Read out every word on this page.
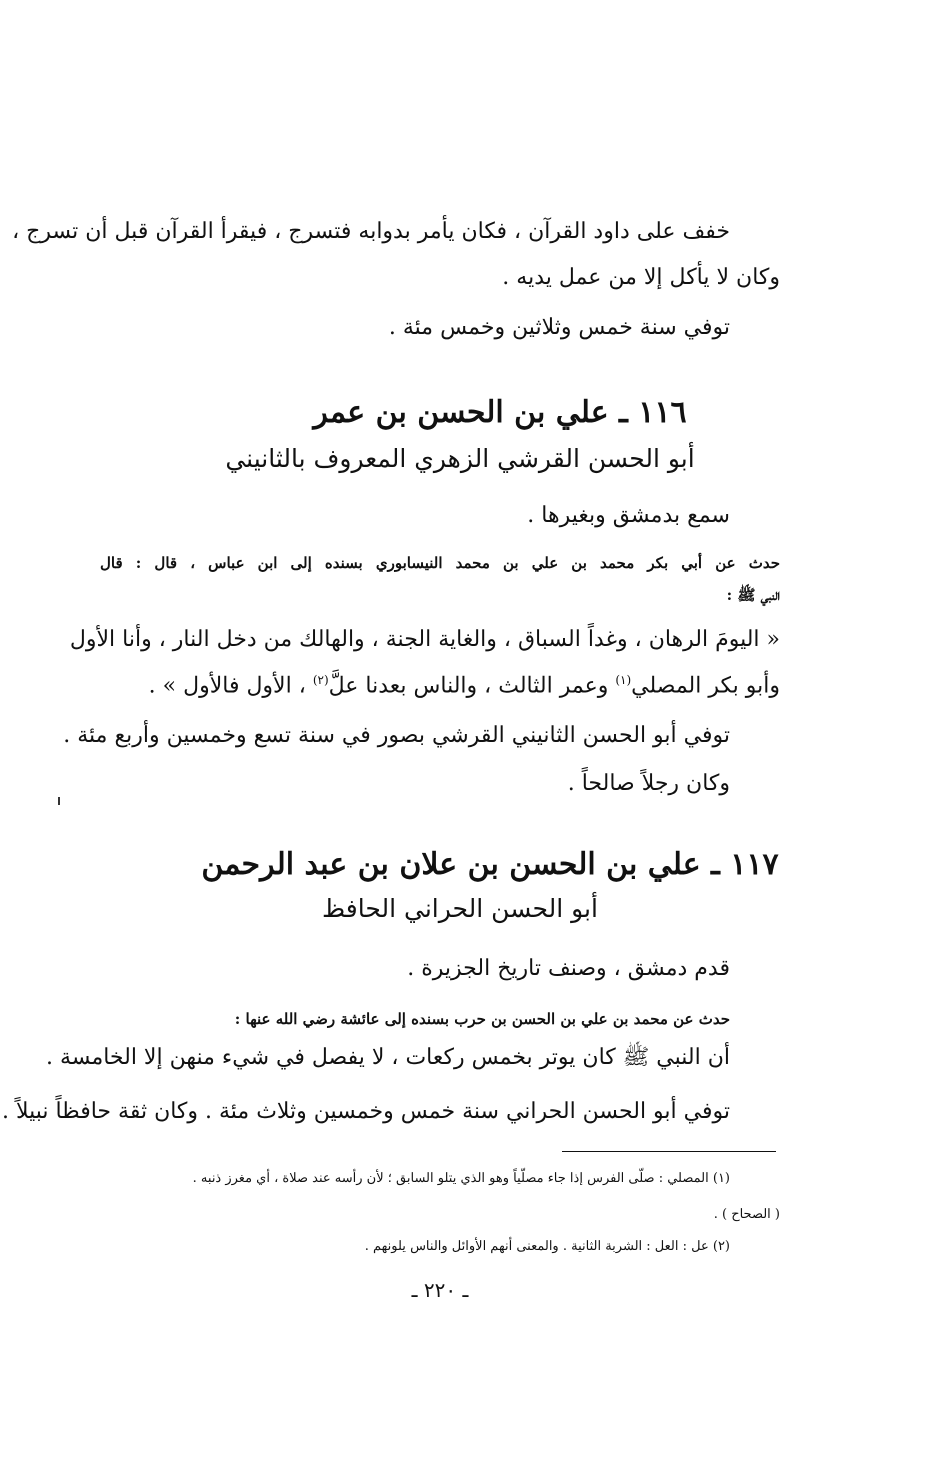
خفف على داود القرآن ، فكان يأمر بدوابه فتسرج ، فيقرأ القرآن قبل أن تسرج ،
وكان لا يأكل إلا من عمل يديه .
توفي سنة خمس وثلاثين وخمس مئة .
١١٦ ـ علي بن الحسن بن عمر
أبو الحسن القرشي الزهري المعروف بالثانيني
سمع بدمشق وبغيرها .
حدث عن أبي بكر محمد بن علي بن محمد النيسابوري بسنده إلى ابن عباس ، قال : قال
النبي ﷺ :
« اليومَ الرهان ، وغداً السباق ، والغاية الجنة ، والهالك من دخل النار ، وأنا الأول
وأبو بكر المصلي$^{(١)}$ وعمر الثالث ، والناس بعدنا علَّ$^{(٢)}$ ، الأول فالأول » .
توفي أبو الحسن الثانيني القرشي بصور في سنة تسع وخمسين وأربع مئة .
وكان رجلاً صالحاً .
١١٧ ـ علي بن الحسن بن علان بن عبد الرحمن
أبو الحسن الحراني الحافظ
قدم دمشق ، وصنف تاريخ الجزيرة .
حدث عن محمد بن علي بن الحسن بن حرب بسنده إلى عائشة رضي الله عنها :
أن النبي ﷺ كان يوتر بخمس ركعات ، لا يفصل في شيء منهن إلا الخامسة .
توفي أبو الحسن الحراني سنة خمس وخمسين وثلاث مئة . وكان ثقة حافظاً نبيلاً .
(١) المصلي : صلّى الفرس إذا جاء مصلّياً وهو الذي يتلو السابق ؛ لأن رأسه عند صلاة ، أي مغرز ذنبه .
( الصحاح ) .
(٢) عل : العل : الشربة الثانية . والمعنى أنهم الأوائل والناس يلونهم .
ـ ٢٢٠ ـ
